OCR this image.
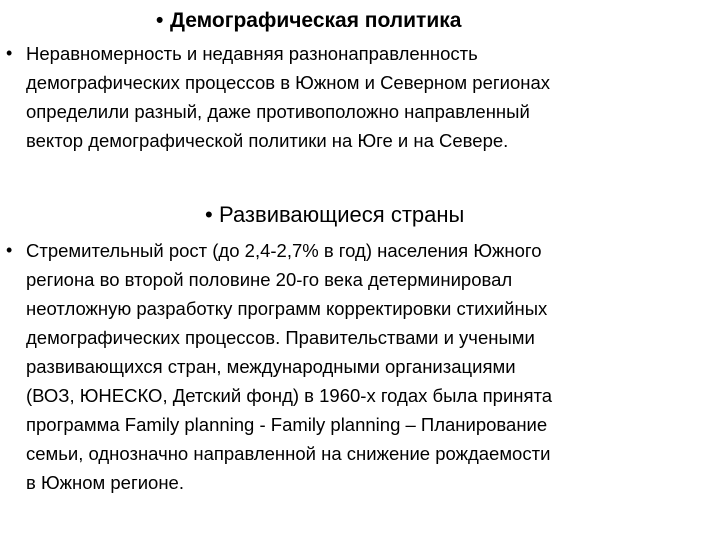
• Демографическая политика
• Неравномерность и недавняя разнонаправленность
демографических процессов в Южном и Северном регионах
определили разный, даже противоположно направленный
вектор демографической политики на Юге и на Севере.
• Развивающиеся страны
• Стремительный рост (до 2,4-2,7% в год) населения Южного
региона во второй половине 20-го века детерминировал
неотложную разработку программ корректировки стихийных
демографических процессов. Правительствами и учеными
развивающихся стран, международными организациями
(ВОЗ, ЮНЕСКО, Детский фонд) в 1960-х годах была принята
программа Family planning - Family planning – Планирование
семьи, однозначно направленной на снижение рождаемости
в Южном регионе.
